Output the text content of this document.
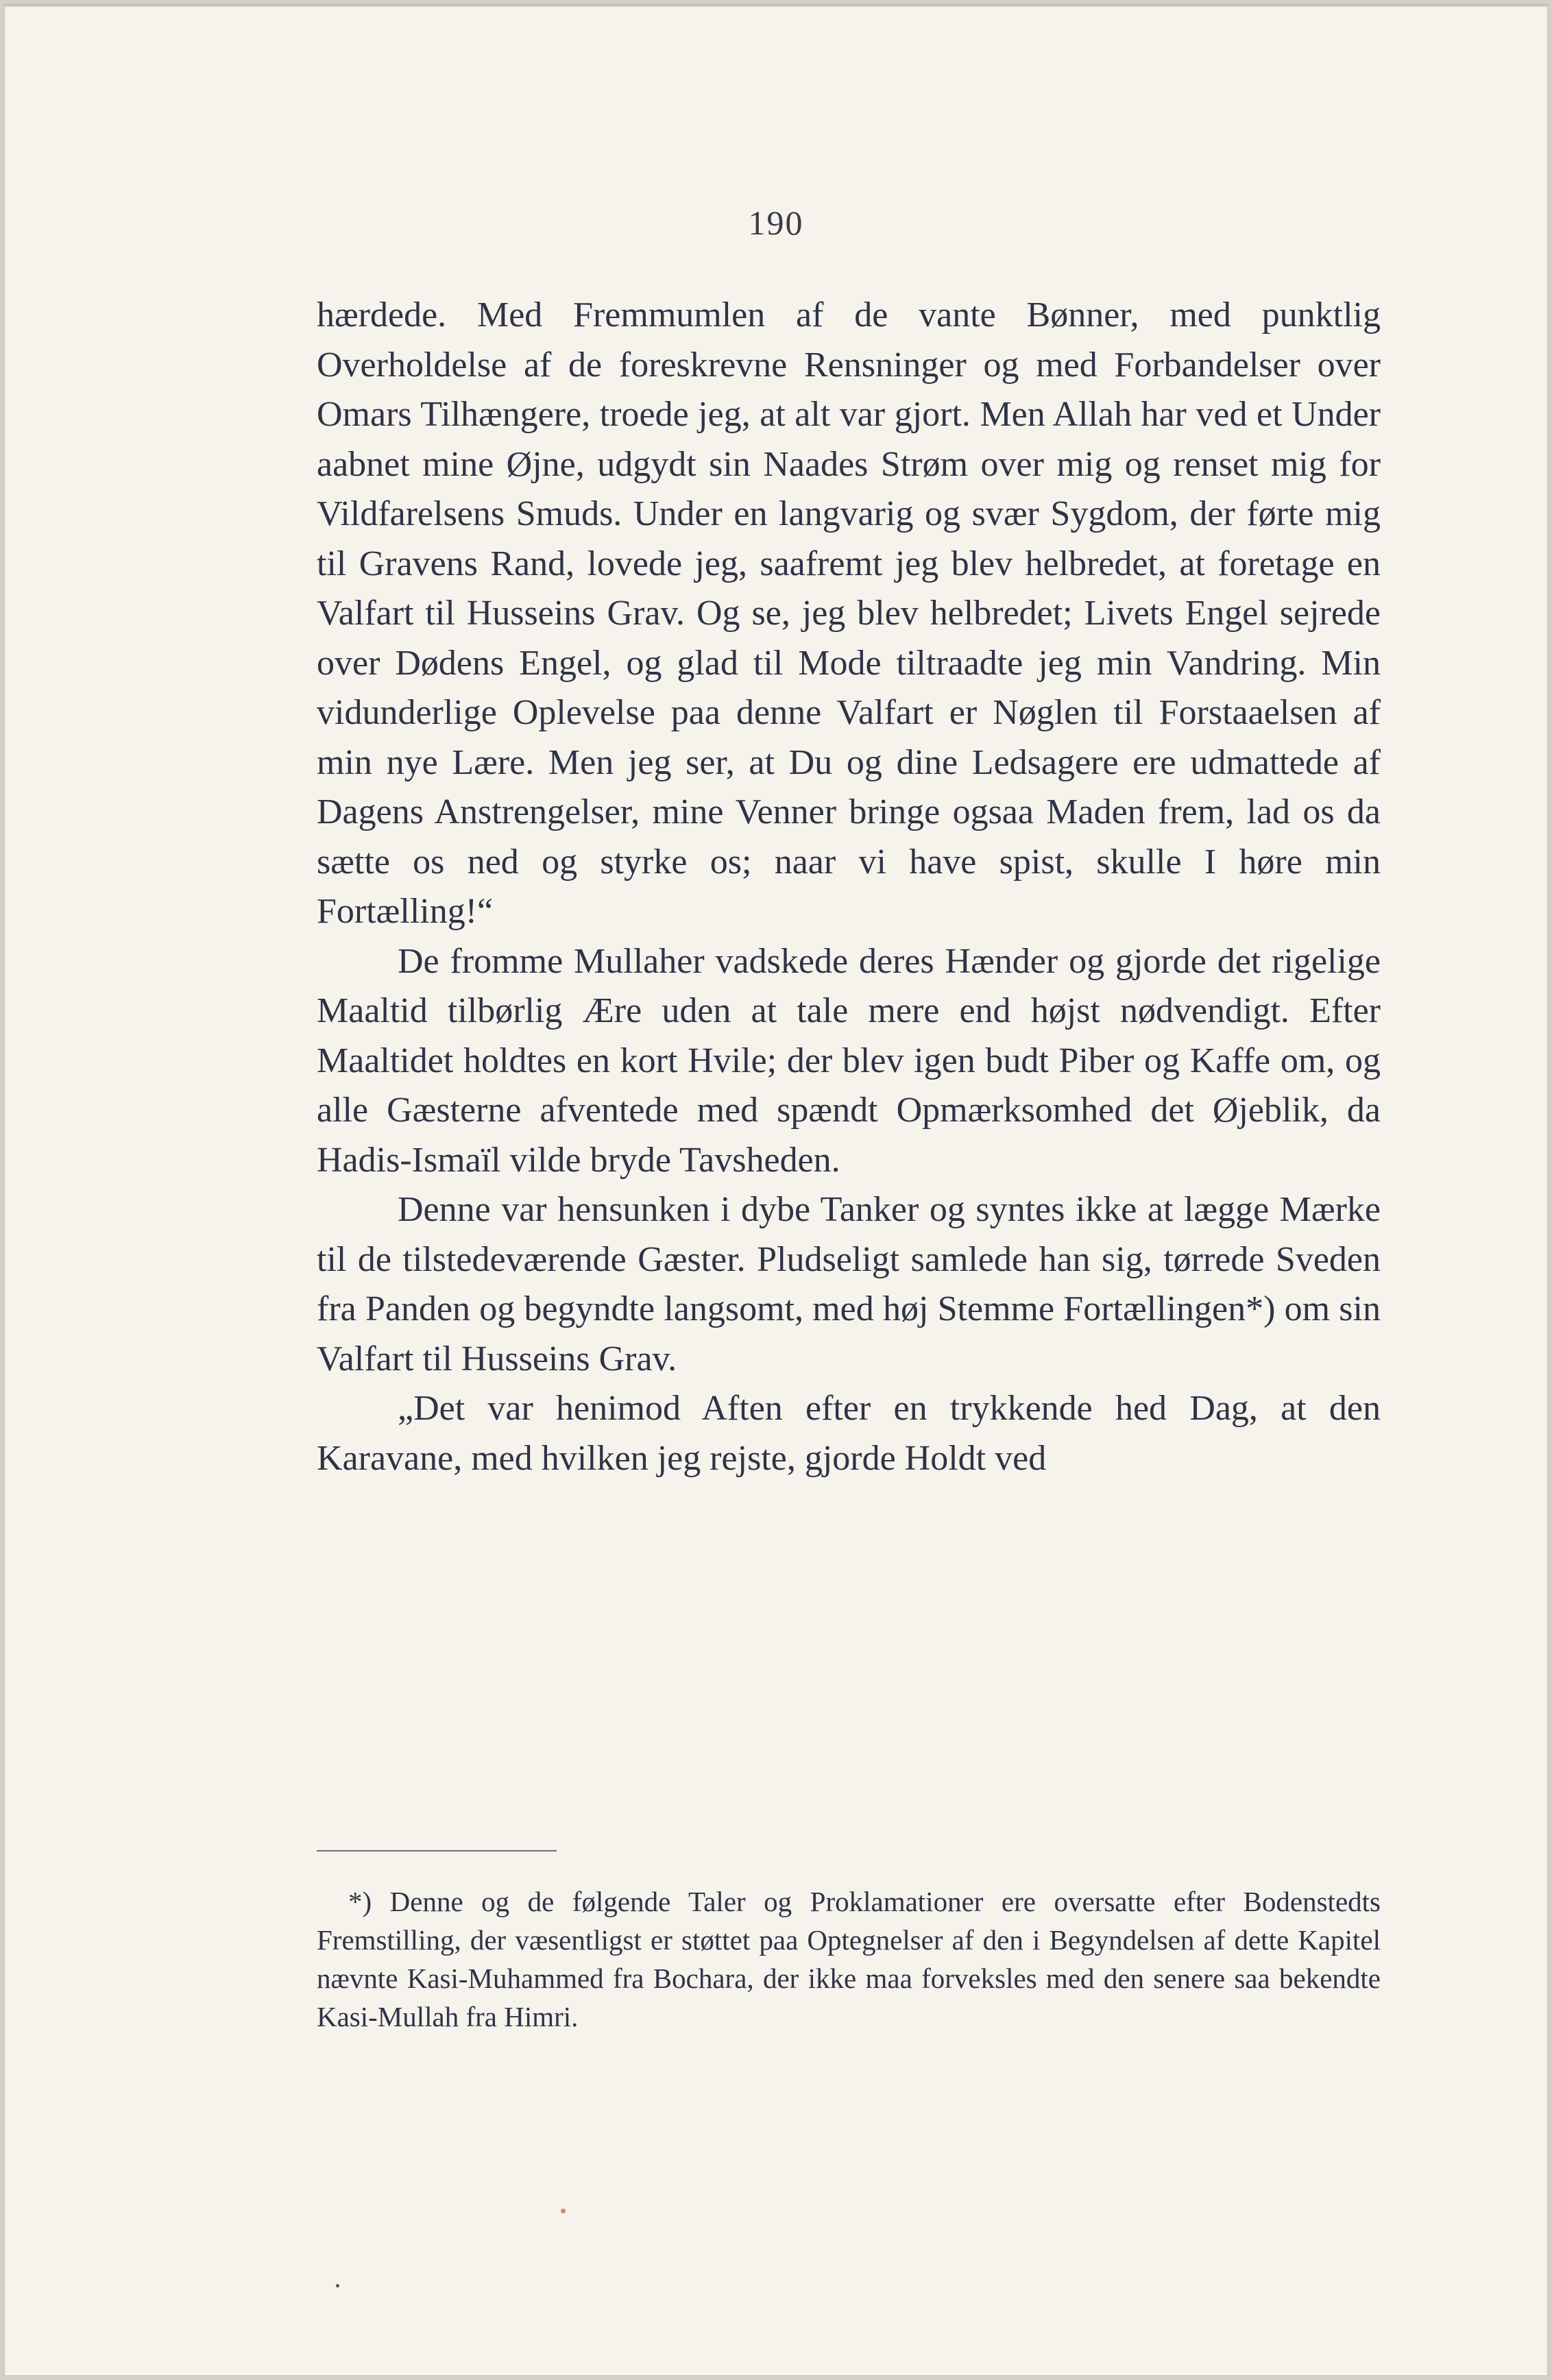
190

hærdede. Med Fremmumlen af de vante Bønner, med punktlig Overholdelse af de foreskrevne Rensninger og med Forbandelser over Omars Tilhængere, troede jeg, at alt var gjort. Men Allah har ved et Under aabnet mine Øjne, udgydt sin Naades Strøm over mig og renset mig for Vildfarelsens Smuds. Under en langvarig og svær Sygdom, der førte mig til Gravens Rand, lovede jeg, saafremt jeg blev helbredet, at foretage en Valfart til Husseins Grav. Og se, jeg blev helbredet; Livets Engel sejrede over Dødens Engel, og glad til Mode tiltraadte jeg min Vandring. Min vidunderlige Oplevelse paa denne Valfart er Nøglen til Forstaaelsen af min nye Lære. Men jeg ser, at Du og dine Ledsagere ere udmattede af Dagens Anstrengelser, mine Venner bringe ogsaa Maden frem, lad os da sætte os ned og styrke os; naar vi have spist, skulle I høre min Fortælling!“

De fromme Mullaher vadskede deres Hænder og gjorde det rigelige Maaltid tilbørlig Ære uden at tale mere end højst nødvendigt. Efter Maaltidet holdtes en kort Hvile; der blev igen budt Piber og Kaffe om, og alle Gæsterne afventede med spændt Opmærksomhed det Øjeblik, da Hadis-Ismaïl vilde bryde Tavsheden.

Denne var hensunken i dybe Tanker og syntes ikke at lægge Mærke til de tilstedeværende Gæster. Pludseligt samlede han sig, tørrede Sveden fra Panden og begyndte langsomt, med høj Stemme Fortællingen*) om sin Valfart til Husseins Grav.

„Det var henimod Aften efter en trykkende hed Dag, at den Karavane, med hvilken jeg rejste, gjorde Holdt ved

*) Denne og de følgende Taler og Proklamationer ere oversatte efter Bodenstedts Fremstilling, der væsentligst er støttet paa Optegnelser af den i Begyndelsen af dette Kapitel nævnte Kasi-Muhammed fra Bochara, der ikke maa forveksles med den senere saa bekendte Kasi-Mullah fra Himri.
